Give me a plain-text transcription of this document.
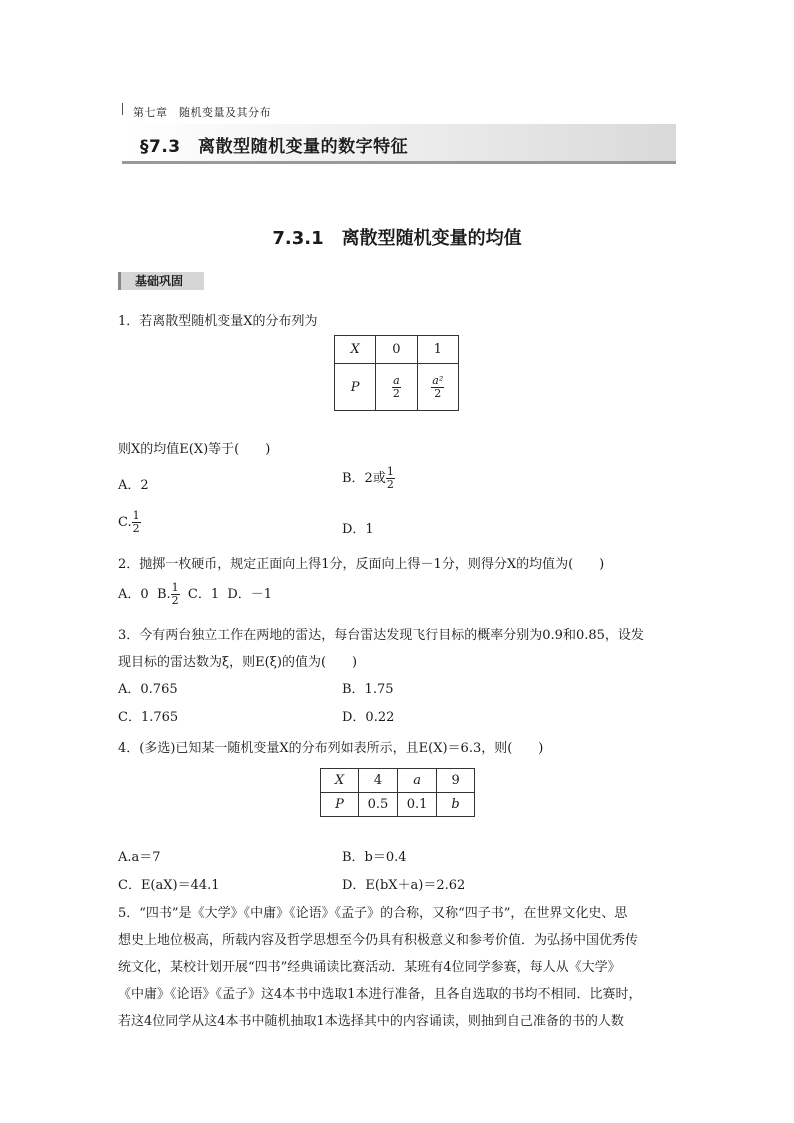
第七章　随机变量及其分布
§7.3　离散型随机变量的数字特征
7.3.1　离散型随机变量的均值
基础巩固
1．若离散型随机变量X的分布列为
X	0	1
P	$\frac{a}{2}$	$\frac{\text{a²}}{2}$
则X的均值E(X)等于(　　)
A．2	B．2或 $\frac{1}{2}$
C. $\frac{1}{2}$	D．1
2．抛掷一枚硬币，规定正面向上得1分，反面向上得－1分，则得分X的均值为(　　)
A．0 B. $\frac{1}{2}$ C．1 D．－1
3．今有两台独立工作在两地的雷达，每台雷达发现飞行目标的概率分别为0.9和0.85，设发
现目标的雷达数为ξ，则E(ξ)的值为(　　)
A．0.765	B．1.75
C．1.765	D．0.22
4．(多选)已知某一随机变量X的分布列如表所示，且E(X)＝6.3，则(　　)
X	4	a	9
P	0.5	0.1	b
A.a＝7	B．b＝0.4
C．E(aX)＝44.1	D．E(bX＋a)＝2.62
5．“四书”是《大学》《中庸》《论语》《孟子》的合称，又称“四子书”，在世界文化史、思
想史上地位极高，所载内容及哲学思想至今仍具有积极意义和参考价值．为弘扬中国优秀传
统文化，某校计划开展“四书”经典诵读比赛活动．某班有4位同学参赛，每人从《大学》
《中庸》《论语》《孟子》这4本书中选取1本进行准备，且各自选取的书均不相同．比赛时，
若这4位同学从这4本书中随机抽取1本选择其中的内容诵读，则抽到自己准备的书的人数
